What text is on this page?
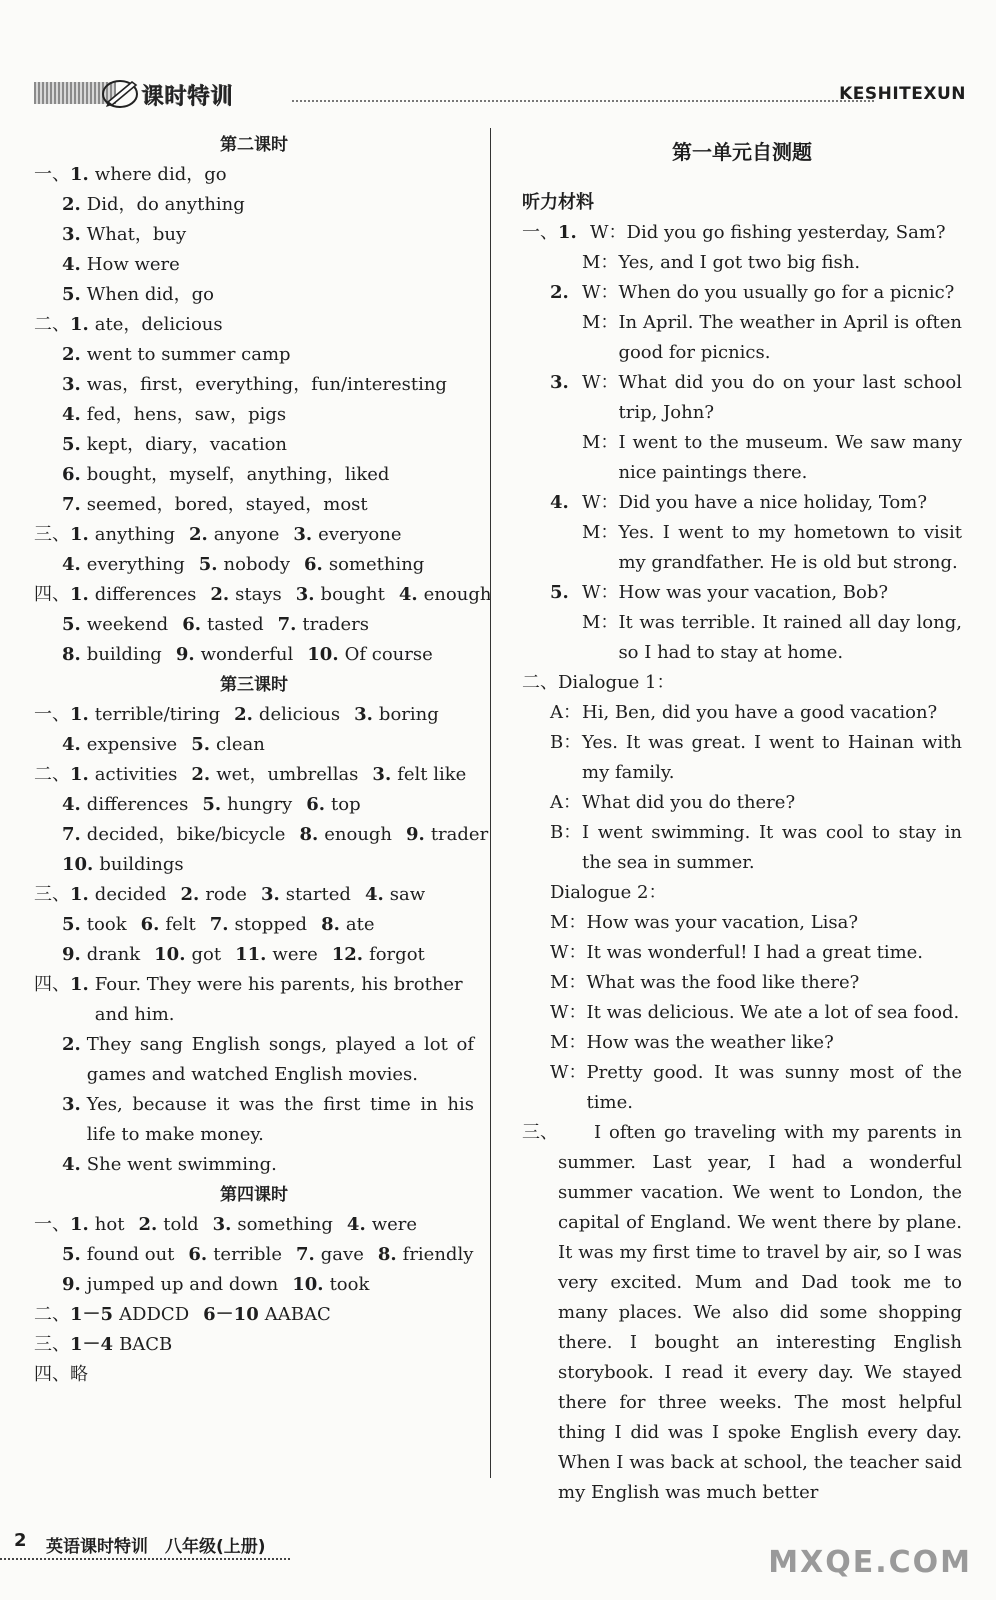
课时特训	KESHITEXUN
第二课时
一、1. where did，go
2. Did，do anything
3. What，buy
4. How were
5. When did，go
二、1. ate，delicious
2. went to summer camp
3. was，first，everything，fun/interesting
4. fed，hens，saw，pigs
5. kept，diary，vacation
6. bought，myself，anything，liked
7. seemed，bored，stayed，most
三、1. anything 2. anyone 3. everyone
4. everything 5. nobody 6. something
四、1. differences 2. stays 3. bought 4. enough
5. weekend 6. tasted 7. traders
8. building 9. wonderful 10. Of course
第三课时
一、1. terrible/tiring 2. delicious 3. boring
4. expensive 5. clean
二、1. activities 2. wet，umbrellas 3. felt like
4. differences 5. hungry 6. top
7. decided，bike/bicycle 8. enough 9. trader
10. buildings
三、1. decided 2. rode 3. started 4. saw
5. took 6. felt 7. stopped 8. ate
9. drank 10. got 11. were 12. forgot
四、 1. Four. They were his parents, his brother and him.
2. They sang English songs, played a lot of games and watched English movies.
3. Yes, because it was the first time in his life to make money.
4. She went swimming.
第四课时
一、1. hot 2. told 3. something 4. were
5. found out 6. terrible 7. gave 8. friendly
9. jumped up and down 10. took
二、1－5 ADDCD 6－10 AABAC
三、1－4 BACB
四、略
第一单元自测题
听力材料
一、 1. W： Did you go fishing yesterday, Sam?
M： Yes, and I got two big fish.
2. W： When do you usually go for a picnic?
M： In April. The weather in April is often good for picnics.
3. W： What did you do on your last school trip, John?
M： I went to the museum. We saw many nice paintings there.
4. W： Did you have a nice holiday, Tom?
M： Yes. I went to my hometown to visit my grandfather. He is old but strong.
5. W： How was your vacation, Bob?
M： It was terrible. It rained all day long, so I had to stay at home.
二、Dialogue 1：
A： Hi, Ben, did you have a good vacation?
B： Yes. It was great. I went to Hainan with my family.
A： What did you do there?
B： I went swimming. It was cool to stay in the sea in summer.
Dialogue 2：
M： How was your vacation, Lisa?
W： It was wonderful! I had a great time.
M： What was the food like there?
W： It was delicious. We ate a lot of sea food.
M： How was the weather like?
W： Pretty good. It was sunny most of the time.
三、	I often go traveling with my parents in summer. Last year, I had a wonderful summer vacation. We went to London, the capital of England. We went there by plane. It was my first time to travel by air, so I was very excited. Mum and Dad took me to many places. We also did some shopping there. I bought an interesting English storybook. I read it every day. We stayed there for three weeks. The most helpful thing I did was I spoke English every day. When I was back at school, the teacher said my English was much better
2 英语课时特训　八年级(上册)	MXQE.COM
